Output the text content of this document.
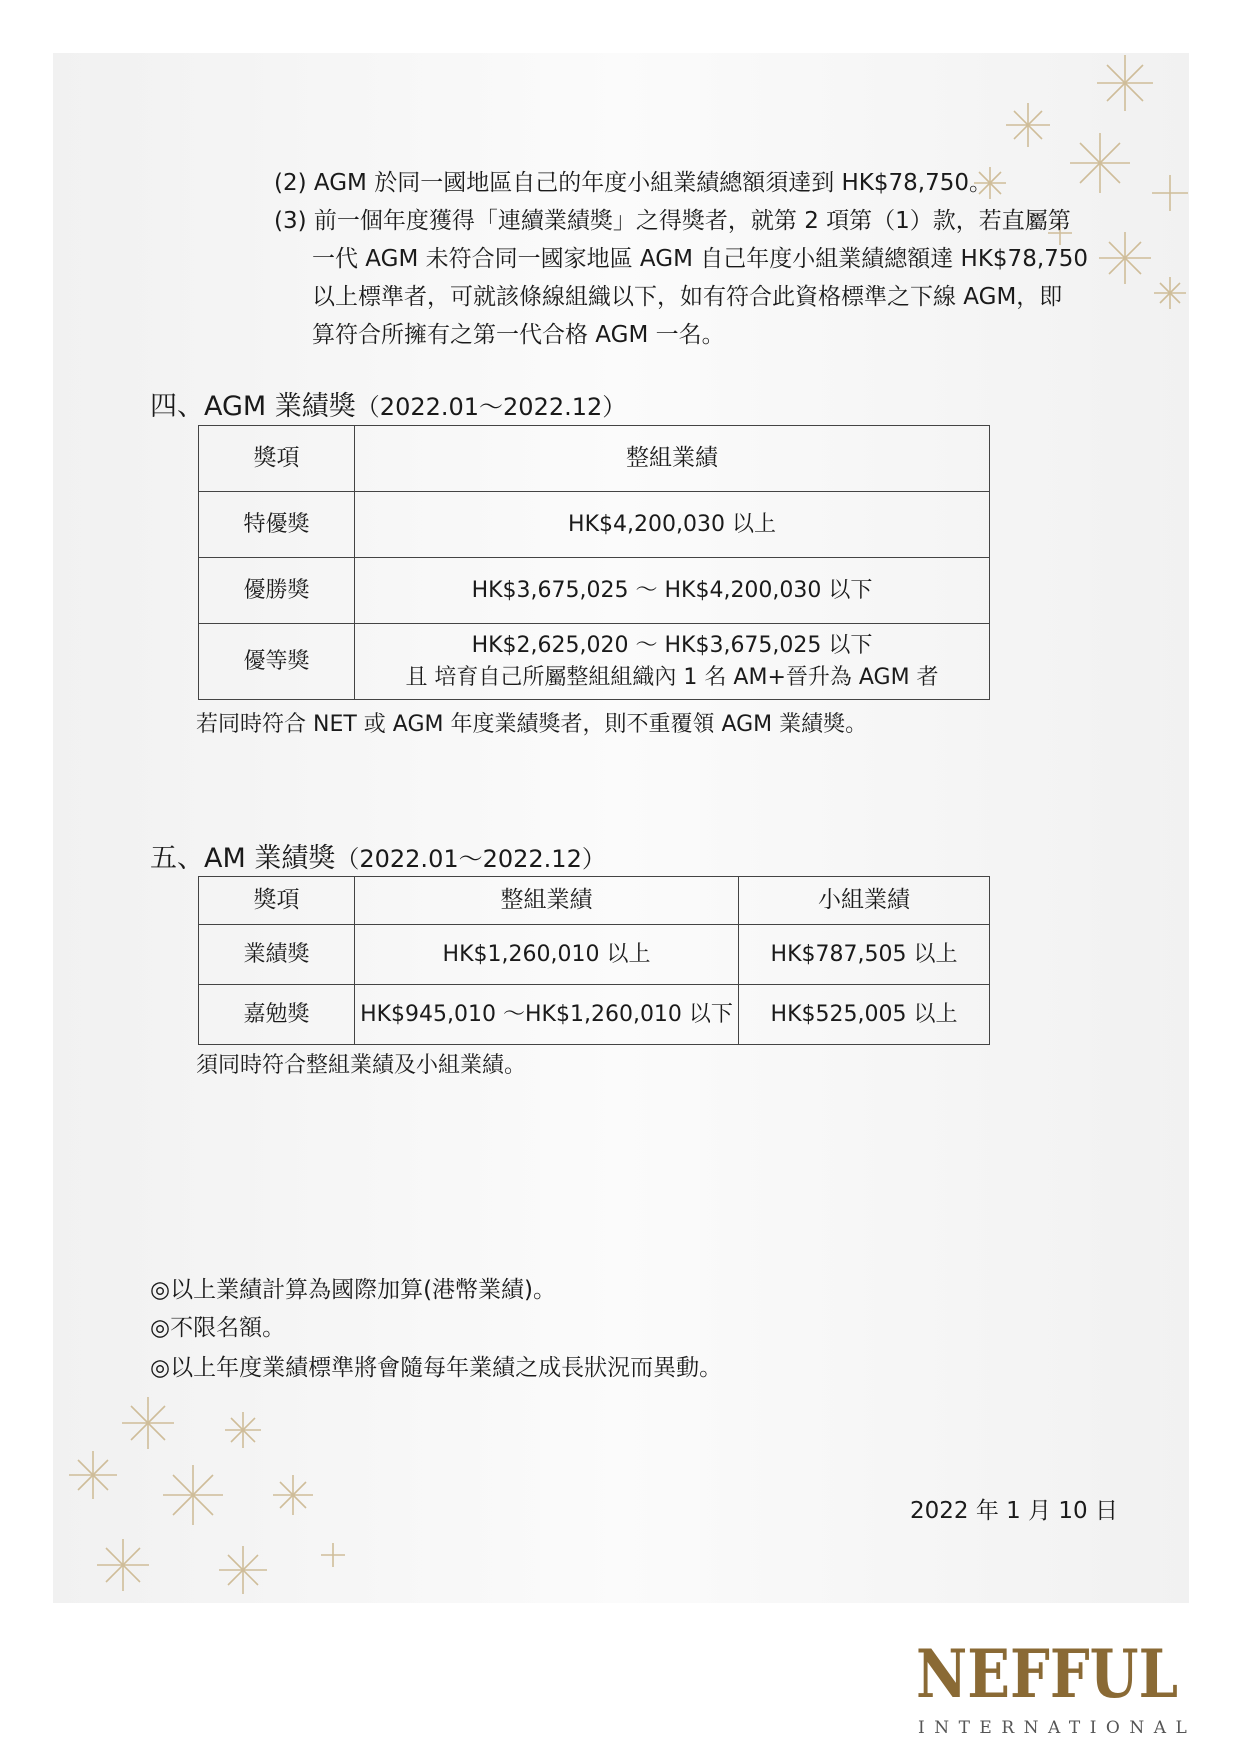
(2) AGM 於同一國地區自己的年度小組業績總額須達到 HK$78,750。
(3) 前一個年度獲得「連續業績獎」之得獎者，就第 2 項第（1）款，若直屬第
一代 AGM 未符合同一國家地區 AGM 自己年度小組業績總額達 HK$78,750
以上標準者，可就該條線組織以下，如有符合此資格標準之下線 AGM，即
算符合所擁有之第一代合格 AGM 一名。
四、AGM 業績獎（2022.01～2022.12）
獎項	整組業績
特優獎	HK$4,200,030 以上
優勝獎	HK$3,675,025 ～ HK$4,200,030 以下
優等獎	HK$2,625,020 ～ HK$3,675,025 以下
且 培育自己所屬整組組織內 1 名 AM+晉升為 AGM 者
若同時符合 NET 或 AGM 年度業績獎者，則不重覆領 AGM 業績獎。
五、AM 業績獎（2022.01～2022.12）
獎項	整組業績	小組業績
業績獎	HK$1,260,010 以上	HK$787,505 以上
嘉勉獎	HK$945,010 ～HK$1,260,010 以下	HK$525,005 以上
須同時符合整組業績及小組業績。
◎以上業績計算為國際加算(港幣業績)。
◎不限名額。
◎以上年度業績標準將會隨每年業績之成長狀況而異動。
2022 年 1 月 10 日
NEFFUL
INTERNATIONAL
